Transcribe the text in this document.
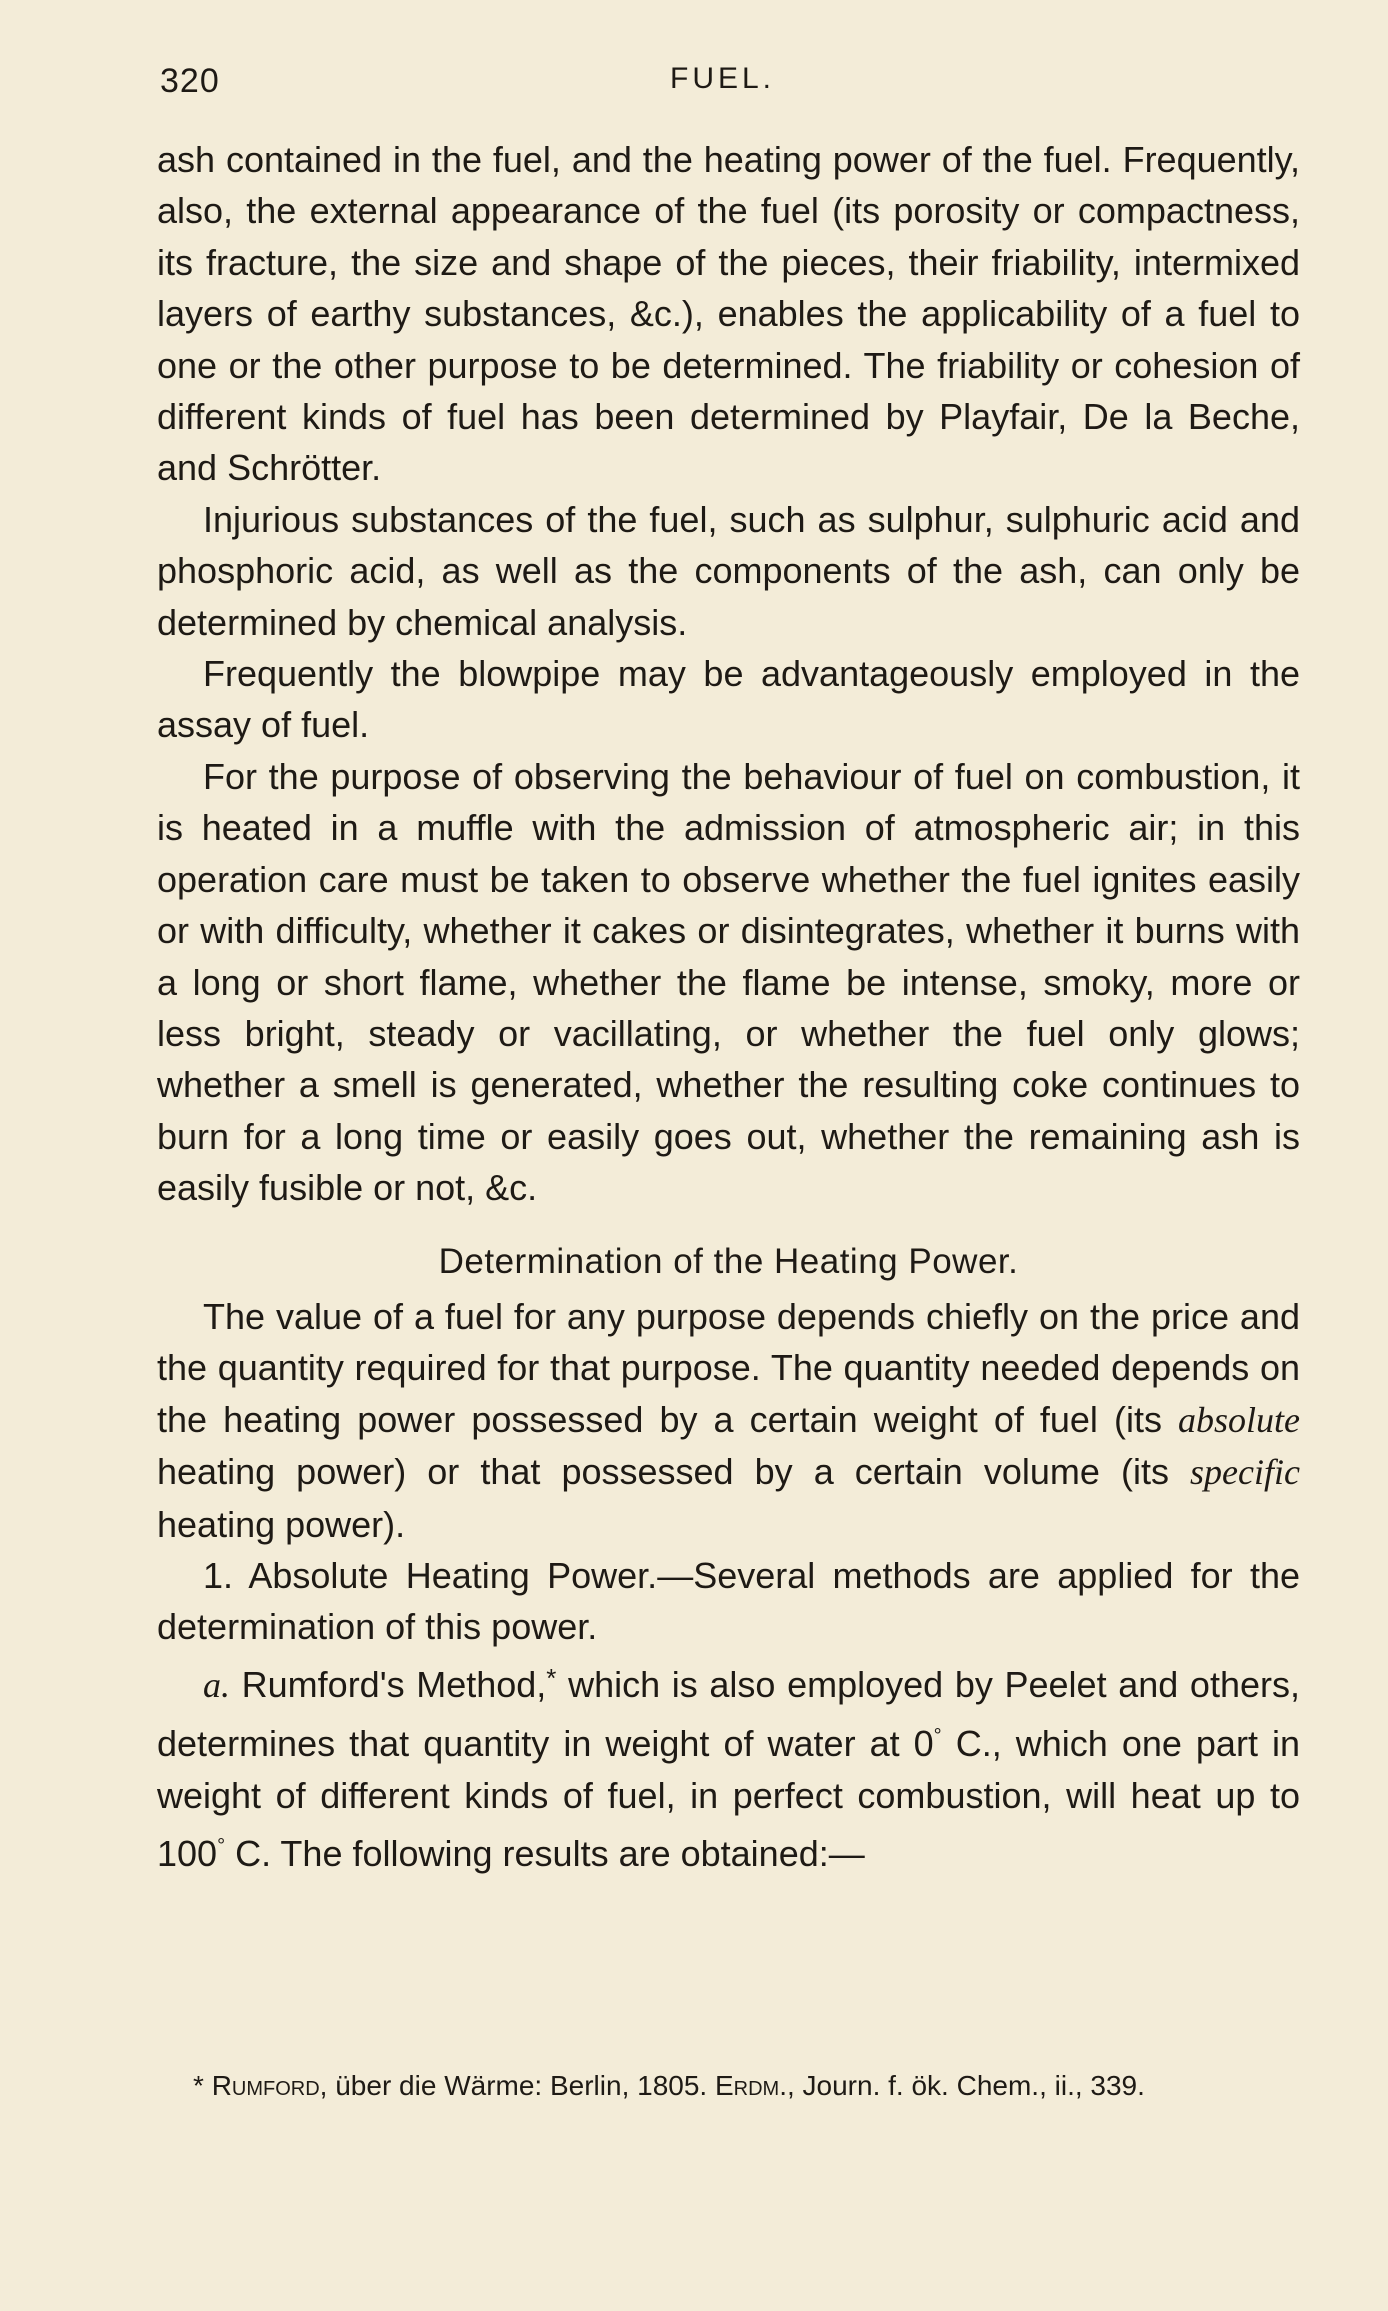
320	FUEL.

ash contained in the fuel, and the heating power of the fuel. Frequently, also, the external appearance of the fuel (its porosity or compactness, its fracture, the size and shape of the pieces, their friability, intermixed layers of earthy substances, &c.), enables the applicability of a fuel to one or the other purpose to be determined. The friability or cohesion of different kinds of fuel has been determined by Playfair, De la Beche, and Schrötter.

Injurious substances of the fuel, such as sulphur, sulphuric acid and phosphoric acid, as well as the components of the ash, can only be determined by chemical analysis.

Frequently the blowpipe may be advantageously employed in the assay of fuel.

For the purpose of observing the behaviour of fuel on combustion, it is heated in a muffle with the admission of atmospheric air; in this operation care must be taken to observe whether the fuel ignites easily or with difficulty, whether it cakes or disintegrates, whether it burns with a long or short flame, whether the flame be intense, smoky, more or less bright, steady or vacillating, or whether the fuel only glows; whether a smell is generated, whether the resulting coke continues to burn for a long time or easily goes out, whether the remaining ash is easily fusible or not, &c.

Determination of the Heating Power.

The value of a fuel for any purpose depends chiefly on the price and the quantity required for that purpose. The quantity needed depends on the heating power possessed by a certain weight of fuel (its absolute heating power) or that possessed by a certain volume (its specific heating power).

1. Absolute Heating Power.—Several methods are applied for the determination of this power.

a. Rumford's Method,* which is also employed by Peelet and others, determines that quantity in weight of water at 0° C., which one part in weight of different kinds of fuel, in perfect combustion, will heat up to 100° C. The following results are obtained:—

* Rumford, über die Wärme: Berlin, 1805. Erdm., Journ. f. ök. Chem., ii., 339.
